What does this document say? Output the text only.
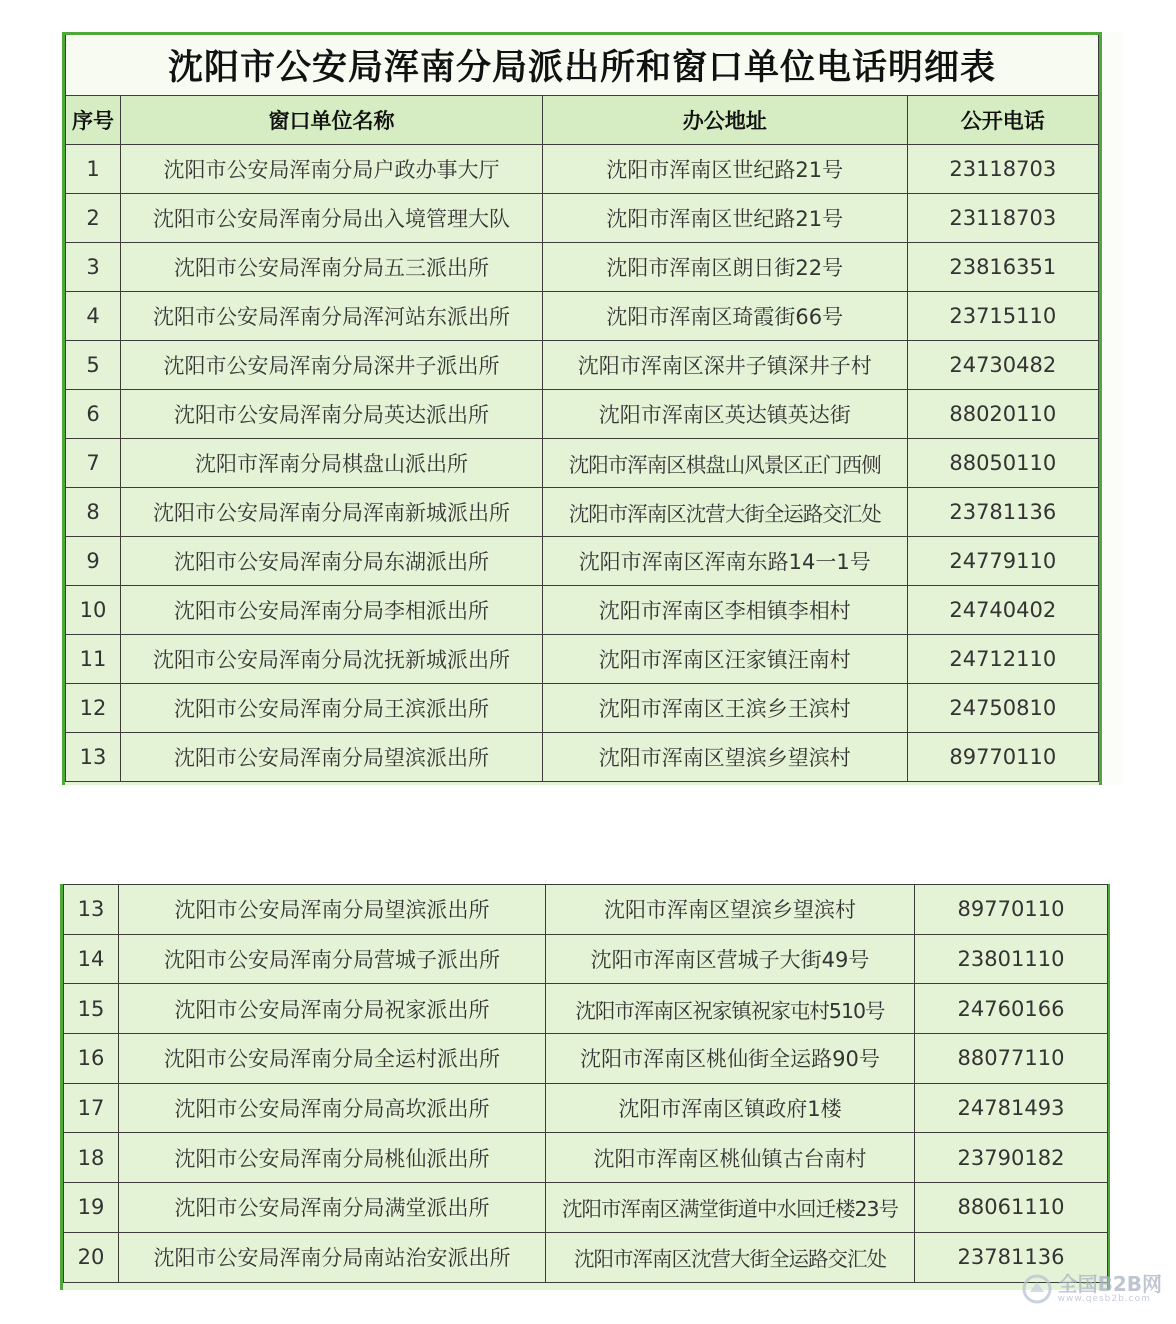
沈阳市公安局浑南分局派出所和窗口单位电话明细表			
序号	窗口单位名称	办公地址	公开电话
1	沈阳市公安局浑南分局户政办事大厅	沈阳市浑南区世纪路21号	23118703
2	沈阳市公安局浑南分局出入境管理大队	沈阳市浑南区世纪路21号	23118703
3	沈阳市公安局浑南分局五三派出所	沈阳市浑南区朗日街22号	23816351
4	沈阳市公安局浑南分局浑河站东派出所	沈阳市浑南区琦霞街66号	23715110
5	沈阳市公安局浑南分局深井子派出所	沈阳市浑南区深井子镇深井子村	24730482
6	沈阳市公安局浑南分局英达派出所	沈阳市浑南区英达镇英达街	88020110
7	沈阳市浑南分局棋盘山派出所	沈阳市浑南区棋盘山风景区正门西侧	88050110
8	沈阳市公安局浑南分局浑南新城派出所	沈阳市浑南区沈营大街全运路交汇处	23781136
9	沈阳市公安局浑南分局东湖派出所	沈阳市浑南区浑南东路14一1号	24779110
10	沈阳市公安局浑南分局李相派出所	沈阳市浑南区李相镇李相村	24740402
11	沈阳市公安局浑南分局沈抚新城派出所	沈阳市浑南区汪家镇汪南村	24712110
12	沈阳市公安局浑南分局王滨派出所	沈阳市浑南区王滨乡王滨村	24750810
13	沈阳市公安局浑南分局望滨派出所	沈阳市浑南区望滨乡望滨村	89770110
13	沈阳市公安局浑南分局望滨派出所	沈阳市浑南区望滨乡望滨村	89770110
14	沈阳市公安局浑南分局营城子派出所	沈阳市浑南区营城子大街49号	23801110
15	沈阳市公安局浑南分局祝家派出所	沈阳市浑南区祝家镇祝家屯村510号	24760166
16	沈阳市公安局浑南分局全运村派出所	沈阳市浑南区桃仙街全运路90号	88077110
17	沈阳市公安局浑南分局高坎派出所	沈阳市浑南区镇政府1楼	24781493
18	沈阳市公安局浑南分局桃仙派出所	沈阳市浑南区桃仙镇古台南村	23790182
19	沈阳市公安局浑南分局满堂派出所	沈阳市浑南区满堂街道中水回迁楼23号	88061110
20	沈阳市公安局浑南分局南站治安派出所	沈阳市浑南区沈营大街全运路交汇处	23781136
全国B2B网
www.qesb2b.com
